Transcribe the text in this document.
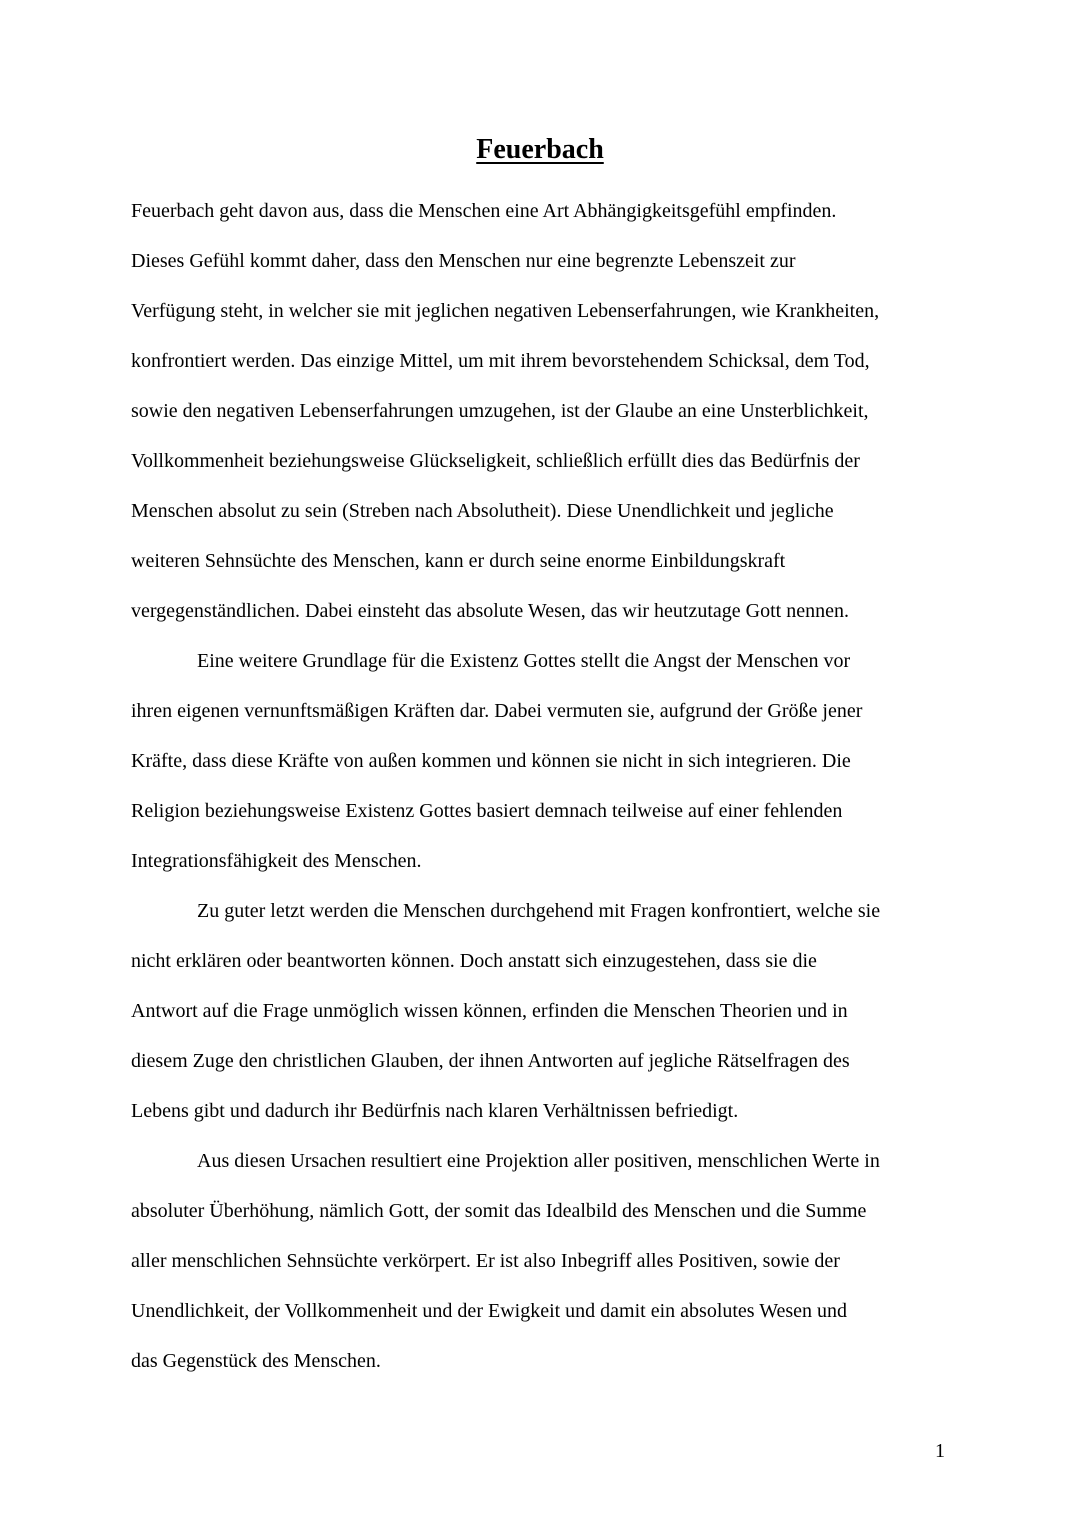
Feuerbach

Feuerbach geht davon aus, dass die Menschen eine Art Abhängigkeitsgefühl empfinden.

Dieses Gefühl kommt daher, dass den Menschen nur eine begrenzte Lebenszeit zur

Verfügung steht, in welcher sie mit jeglichen negativen Lebenserfahrungen, wie Krankheiten,

konfrontiert werden. Das einzige Mittel, um mit ihrem bevorstehendem Schicksal, dem Tod,

sowie den negativen Lebenserfahrungen umzugehen, ist der Glaube an eine Unsterblichkeit,

Vollkommenheit beziehungsweise Glückseligkeit, schließlich erfüllt dies das Bedürfnis der

Menschen absolut zu sein (Streben nach Absolutheit). Diese Unendlichkeit und jegliche

weiteren Sehnsüchte des Menschen, kann er durch seine enorme Einbildungskraft

vergegenständlichen. Dabei einsteht das absolute Wesen, das wir heutzutage Gott nennen.

Eine weitere Grundlage für die Existenz Gottes stellt die Angst der Menschen vor

ihren eigenen vernunftsmäßigen Kräften dar. Dabei vermuten sie, aufgrund der Größe jener

Kräfte, dass diese Kräfte von außen kommen und können sie nicht in sich integrieren. Die

Religion beziehungsweise Existenz Gottes basiert demnach teilweise auf einer fehlenden

Integrationsfähigkeit des Menschen.

Zu guter letzt werden die Menschen durchgehend mit Fragen konfrontiert, welche sie

nicht erklären oder beantworten können. Doch anstatt sich einzugestehen, dass sie die

Antwort auf die Frage unmöglich wissen können, erfinden die Menschen Theorien und in

diesem Zuge den christlichen Glauben, der ihnen Antworten auf jegliche Rätselfragen des

Lebens gibt und dadurch ihr Bedürfnis nach klaren Verhältnissen befriedigt.

Aus diesen Ursachen resultiert eine Projektion aller positiven, menschlichen Werte in

absoluter Überhöhung, nämlich Gott, der somit das Idealbild des Menschen und die Summe

aller menschlichen Sehnsüchte verkörpert. Er ist also Inbegriff alles Positiven, sowie der

Unendlichkeit, der Vollkommenheit und der Ewigkeit und damit ein absolutes Wesen und

das Gegenstück des Menschen.

1
